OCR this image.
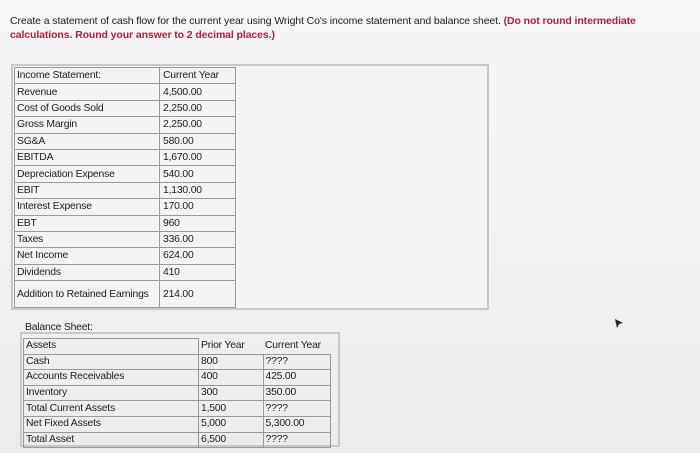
Create a statement of cash flow for the current year using Wright Co's income statement and balance sheet. (Do not round intermediate calculations. Round your answer to 2 decimal places.)
Income Statement:	Current Year
Revenue	4,500.00
Cost of Goods Sold	2,250.00
Gross Margin	2,250.00
SG&A	580.00
EBITDA	1,670.00
Depreciation Expense	540.00
EBIT	1,130.00
Interest Expense	170.00
EBT	960
Taxes	336.00
Net Income	624.00
Dividends	410
Addition to Retained Earnings	214.00
Balance Sheet:
Assets	Prior Year	Current Year
Cash	800	????
Accounts Receivables	400	425.00
Inventory	300	350.00
Total Current Assets	1,500	????
Net Fixed Assets	5,000	5,300.00
Total Asset	6,500	????
